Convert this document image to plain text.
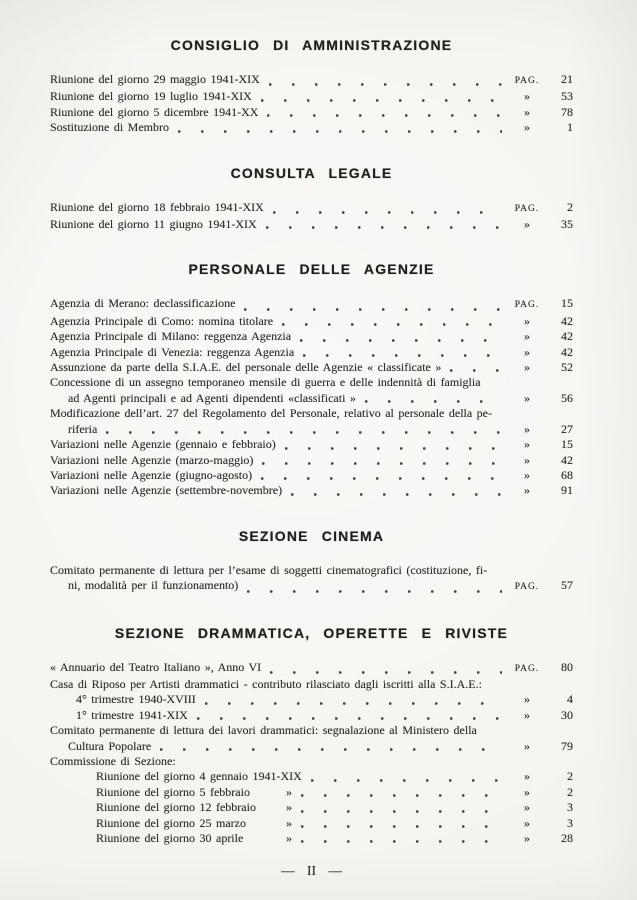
CONSIGLIO DI AMMINISTRAZIONE
Riunione del giorno 29 maggio 1941-XIX	PAG.	21
Riunione del giorno 19 luglio 1941-XIX	»	53
Riunione del giorno 5 dicembre 1941-XX	»	78
Sostituzione di Membro	»	1
CONSULTA LEGALE
Riunione del giorno 18 febbraio 1941-XIX	PAG.	2
Riunione del giorno 11 giugno 1941-XIX	»	35
PERSONALE DELLE AGENZIE
Agenzia di Merano: declassificazione	PAG.	15
Agenzia Principale di Como: nomina titolare	»	42
Agenzia Principale di Milano: reggenza Agenzia	»	42
Agenzia Principale di Venezia: reggenza Agenzia	»	42
Assunzione da parte della S.I.A.E. del personale delle Agenzie « classificate »	»	52
Concessione di un assegno temporaneo mensile di guerra e delle indennità di famiglia
ad Agenti principali e ad Agenti dipendenti «classificati »	»	56
Modificazione dell’art. 27 del Regolamento del Personale, relativo al personale della pe-
riferia	»	27
Variazioni nelle Agenzie (gennaio e febbraio)	»	15
Variazioni nelle Agenzie (marzo-maggio)	»	42
Variazioni nelle Agenzie (giugno-agosto)	»	68
Variazioni nelle Agenzie (settembre-novembre)	»	91
SEZIONE CINEMA
Comitato permanente di lettura per l’esame di soggetti cinematografici (costituzione, fi-
ni, modalità per il funzionamento)	PAG.	57
SEZIONE DRAMMATICA, OPERETTE E RIVISTE
« Annuario del Teatro Italiano », Anno VI	PAG.	80
Casa di Riposo per Artisti drammatici - contributo rilasciato dagli iscritti alla S.I.A.E.:
4° trimestre 1940-XVIII	»	4
1° trimestre 1941-XIX	»	30
Comitato permanente di lettura dei lavori drammatici: segnalazione al Ministero della
Cultura Popolare	»	79
Commissione di Sezione:
Riunione del giorno 4 gennaio 1941-XIX	»	2
Riunione del giorno 5 febbraio	»	»	2
Riunione del giorno 12 febbraio	»	»	3
Riunione del giorno 25 marzo	»	»	3
Riunione del giorno 30 aprile	»	»	28
— II —
